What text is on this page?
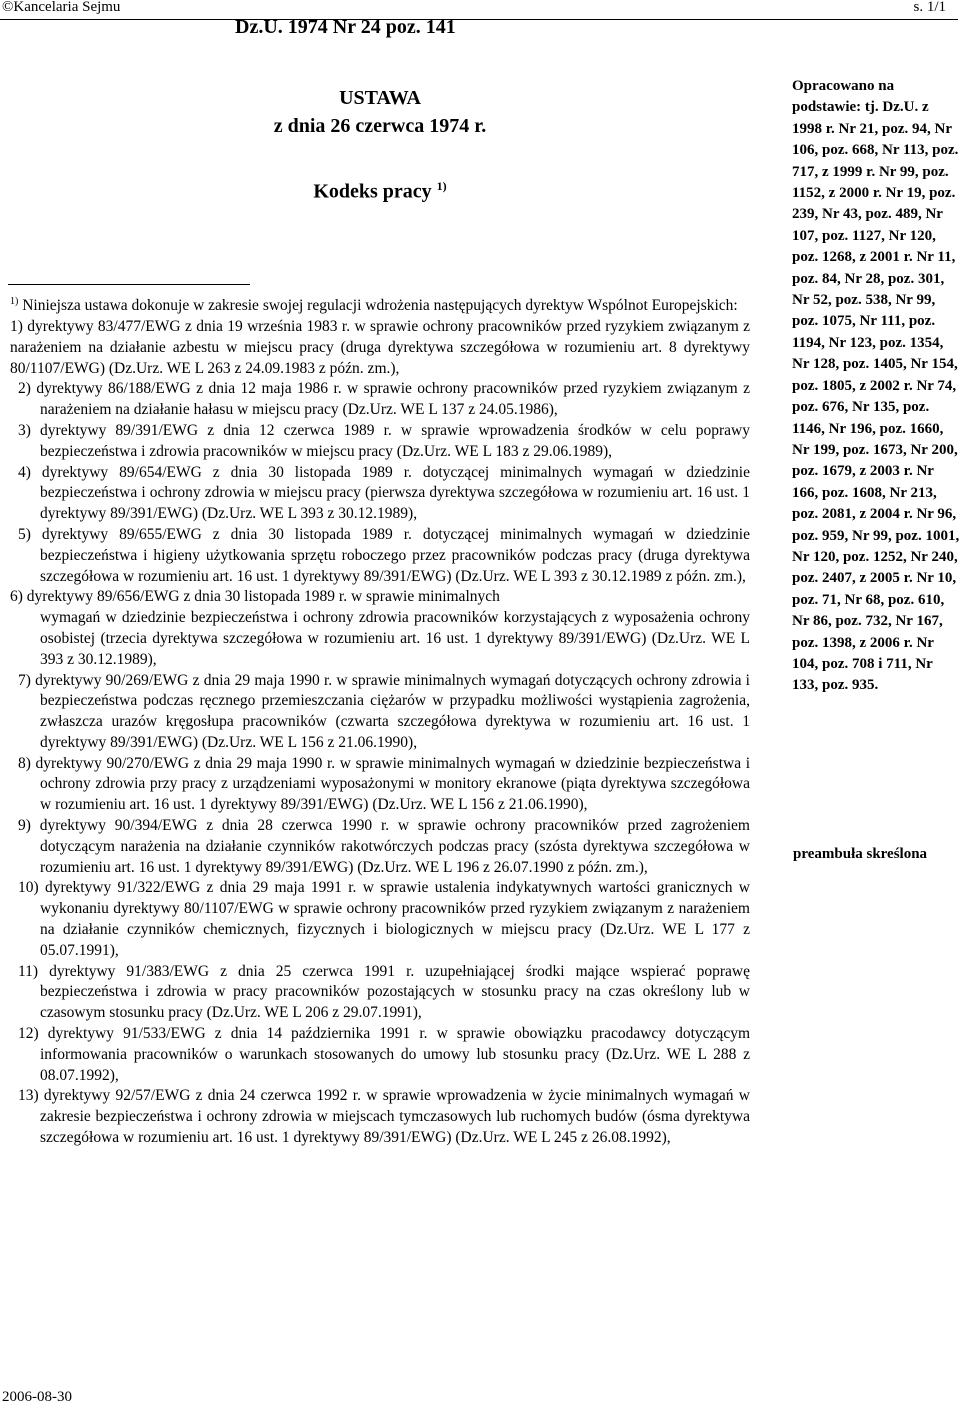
©Kancelaria Sejmu	s. 1/1
Dz.U. 1974 Nr 24 poz. 141
USTAWA
z dnia 26 czerwca 1974 r.
Kodeks pracy $^{1)}$

$^{1)}$ Niniejsza ustawa dokonuje w zakresie swojej regulacji wdrożenia następujących dyrektyw Wspólnot Europejskich:

1) dyrektywy 83/477/EWG z dnia 19 września 1983 r. w sprawie ochrony pracowników przed ryzykiem związanym z narażeniem na działanie azbestu w miejscu pracy (druga dyrektywa szczegółowa w rozumieniu art. 8 dyrektywy 80/1107/EWG) (Dz.Urz. WE L 263 z 24.09.1983 z późn. zm.),

2) dyrektywy 86/188/EWG z dnia 12 maja 1986 r. w sprawie ochrony pracowników przed ryzykiem związanym z narażeniem na działanie hałasu w miejscu pracy (Dz.Urz. WE L 137 z 24.05.1986),

3) dyrektywy 89/391/EWG z dnia 12 czerwca 1989 r. w sprawie wprowadzenia środków w celu poprawy bezpieczeństwa i zdrowia pracowników w miejscu pracy (Dz.Urz. WE L 183 z 29.06.1989),

4) dyrektywy 89/654/EWG z dnia 30 listopada 1989 r. dotyczącej minimalnych wymagań w dziedzinie bezpieczeństwa i ochrony zdrowia w miejscu pracy (pierwsza dyrektywa szczegółowa w rozumieniu art. 16 ust. 1 dyrektywy 89/391/EWG) (Dz.Urz. WE L 393 z 30.12.1989),

5) dyrektywy 89/655/EWG z dnia 30 listopada 1989 r. dotyczącej minimalnych wymagań w dziedzinie bezpieczeństwa i higieny użytkowania sprzętu roboczego przez pracowników podczas pracy (druga dyrektywa szczegółowa w rozumieniu art. 16 ust. 1 dyrektywy 89/391/EWG) (Dz.Urz. WE L 393 z 30.12.1989 z późn. zm.),

6) dyrektywy 89/656/EWG z dnia 30 listopada 1989 r. w sprawie minimalnych

wymagań w dziedzinie bezpieczeństwa i ochrony zdrowia pracowników korzystających z wyposażenia ochrony osobistej (trzecia dyrektywa szczegółowa w rozumieniu art. 16 ust. 1 dyrektywy 89/391/EWG) (Dz.Urz. WE L 393 z 30.12.1989),

7) dyrektywy 90/269/EWG z dnia 29 maja 1990 r. w sprawie minimalnych wymagań dotyczących ochrony zdrowia i bezpieczeństwa podczas ręcznego przemieszczania ciężarów w przypadku możliwości wystąpienia zagrożenia, zwłaszcza urazów kręgosłupa pracowników (czwarta szczegółowa dyrektywa w rozumieniu art. 16 ust. 1 dyrektywy 89/391/EWG) (Dz.Urz. WE L 156 z 21.06.1990),

8) dyrektywy 90/270/EWG z dnia 29 maja 1990 r. w sprawie minimalnych wymagań w dziedzinie bezpieczeństwa i ochrony zdrowia przy pracy z urządzeniami wyposażonymi w monitory ekranowe (piąta dyrektywa szczegółowa w rozumieniu art. 16 ust. 1 dyrektywy 89/391/EWG) (Dz.Urz. WE L 156 z 21.06.1990),

9) dyrektywy 90/394/EWG z dnia 28 czerwca 1990 r. w sprawie ochrony pracowników przed zagrożeniem dotyczącym narażenia na działanie czynników rakotwórczych podczas pracy (szósta dyrektywa szczegółowa w rozumieniu art. 16 ust. 1 dyrektywy 89/391/EWG) (Dz.Urz. WE L 196 z 26.07.1990 z późn. zm.),

10) dyrektywy 91/322/EWG z dnia 29 maja 1991 r. w sprawie ustalenia indykatywnych wartości granicznych w wykonaniu dyrektywy 80/1107/EWG w sprawie ochrony pracowników przed ryzykiem związanym z narażeniem na działanie czynników chemicznych, fizycznych i biologicznych w miejscu pracy (Dz.Urz. WE L 177 z 05.07.1991),

11) dyrektywy 91/383/EWG z dnia 25 czerwca 1991 r. uzupełniającej środki mające wspierać poprawę bezpieczeństwa i zdrowia w pracy pracowników pozostających w stosunku pracy na czas określony lub w czasowym stosunku pracy (Dz.Urz. WE L 206 z 29.07.1991),

12) dyrektywy 91/533/EWG z dnia 14 października 1991 r. w sprawie obowiązku pracodawcy dotyczącym informowania pracowników o warunkach stosowanych do umowy lub stosunku pracy (Dz.Urz. WE L 288 z 08.07.1992),

13) dyrektywy 92/57/EWG z dnia 24 czerwca 1992 r. w sprawie wprowadzenia w życie minimalnych wymagań w zakresie bezpieczeństwa i ochrony zdrowia w miejscach tymczasowych lub ruchomych budów (ósma dyrektywa szczegółowa w rozumieniu art. 16 ust. 1 dyrektywy 89/391/EWG) (Dz.Urz. WE L 245 z 26.08.1992),

Opracowano na podstawie: tj. Dz.U. z 1998 r. Nr 21, poz. 94, Nr 106, poz. 668, Nr 113, poz. 717, z 1999 r. Nr 99, poz. 1152, z 2000 r. Nr 19, poz. 239, Nr 43, poz. 489, Nr 107, poz. 1127, Nr 120, poz. 1268, z 2001 r. Nr 11, poz. 84, Nr 28, poz. 301, Nr 52, poz. 538, Nr 99, poz. 1075, Nr 111, poz. 1194, Nr 123, poz. 1354, Nr 128, poz. 1405, Nr 154, poz. 1805, z 2002 r. Nr 74, poz. 676, Nr 135, poz. 1146, Nr 196, poz. 1660, Nr 199, poz. 1673, Nr 200, poz. 1679, z 2003 r. Nr 166, poz. 1608, Nr 213, poz. 2081, z 2004 r. Nr 96, poz. 959, Nr 99, poz. 1001, Nr 120, poz. 1252, Nr 240, poz. 2407, z 2005 r. Nr 10, poz. 71, Nr 68, poz. 610, Nr 86, poz. 732, Nr 167, poz. 1398, z 2006 r. Nr 104, poz. 708 i 711, Nr 133, poz. 935.
preambuła skreślona
2006-08-30
